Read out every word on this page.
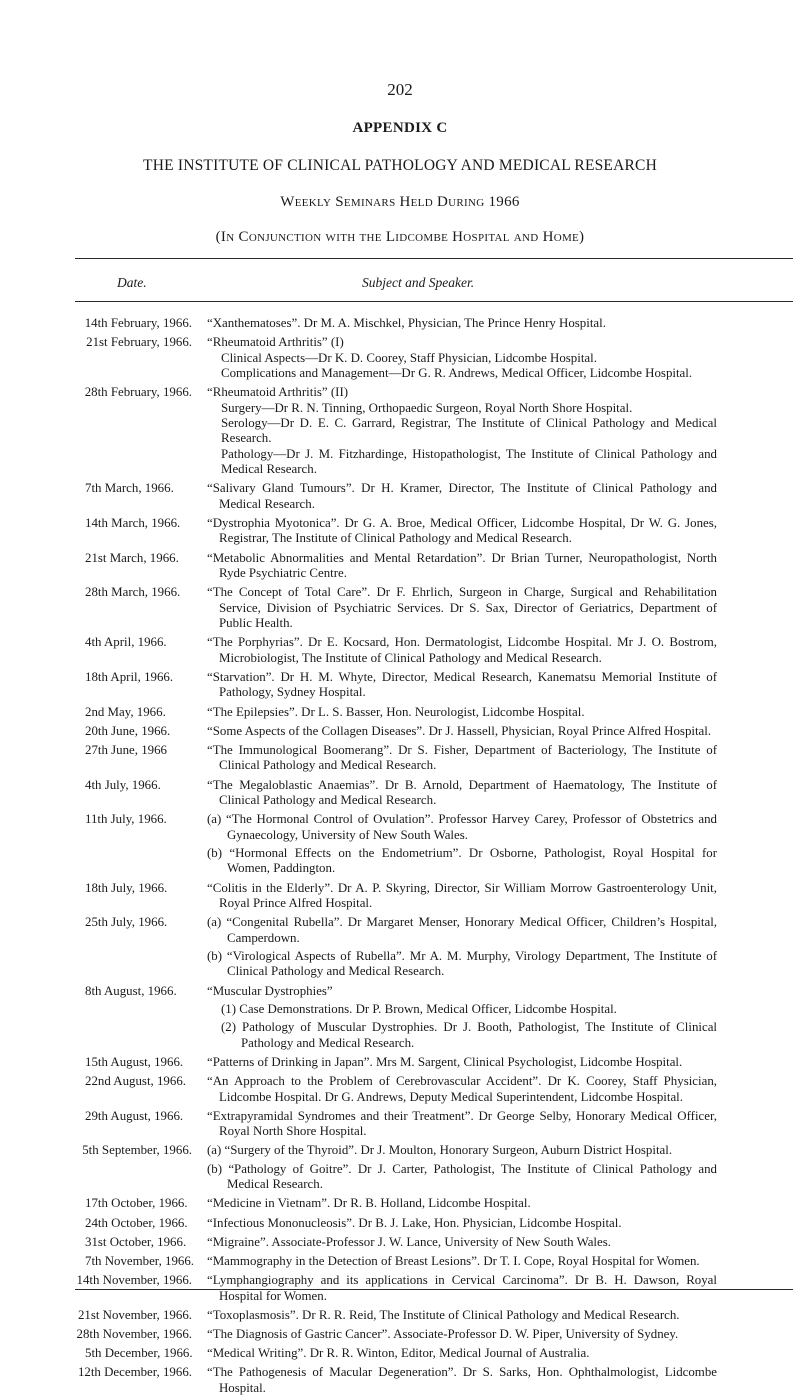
202
APPENDIX C
THE INSTITUTE OF CLINICAL PATHOLOGY AND MEDICAL RESEARCH
Weekly Seminars Held During 1966
(In Conjunction with the Lidcombe Hospital and Home)
Date.	Subject and Speaker.
14th February, 1966.	“Xanthematoses”. Dr M. A. Mischkel, Physician, The Prince Henry Hospital.
21st February, 1966.	“Rheumatoid Arthritis” (I)
Clinical Aspects—Dr K. D. Coorey, Staff Physician, Lidcombe Hospital.
Complications and Management—Dr G. R. Andrews, Medical Officer, Lidcombe Hospital.
28th February, 1966.	“Rheumatoid Arthritis” (II)
Surgery—Dr R. N. Tinning, Orthopaedic Surgeon, Royal North Shore Hospital.
Serology—Dr D. E. C. Garrard, Registrar, The Institute of Clinical Pathology and Medical Research.
Pathology—Dr J. M. Fitzhardinge, Histopathologist, The Institute of Clinical Pathology and Medical Research.
7th March, 1966.	“Salivary Gland Tumours”. Dr H. Kramer, Director, The Institute of Clinical Pathology and Medical Research.
14th March, 1966.	“Dystrophia Myotonica”. Dr G. A. Broe, Medical Officer, Lidcombe Hospital, Dr W. G. Jones, Registrar, The Institute of Clinical Pathology and Medical Research.
21st March, 1966.	“Metabolic Abnormalities and Mental Retardation”. Dr Brian Turner, Neuropathologist, North Ryde Psychiatric Centre.
28th March, 1966.	“The Concept of Total Care”. Dr F. Ehrlich, Surgeon in Charge, Surgical and Rehabilitation Service, Division of Psychiatric Services. Dr S. Sax, Director of Geriatrics, Department of Public Health.
4th April, 1966.	“The Porphyrias”. Dr E. Kocsard, Hon. Dermatologist, Lidcombe Hospital. Mr J. O. Bostrom, Microbiologist, The Institute of Clinical Pathology and Medical Research.
18th April, 1966.	“Starvation”. Dr H. M. Whyte, Director, Medical Research, Kanematsu Memorial Institute of Pathology, Sydney Hospital.
2nd May, 1966.	“The Epilepsies”. Dr L. S. Basser, Hon. Neurologist, Lidcombe Hospital.
20th June, 1966.	“Some Aspects of the Collagen Diseases”. Dr J. Hassell, Physician, Royal Prince Alfred Hospital.
27th June, 1966	“The Immunological Boomerang”. Dr S. Fisher, Department of Bacteriology, The Institute of Clinical Pathology and Medical Research.
4th July, 1966.	“The Megaloblastic Anaemias”. Dr B. Arnold, Department of Haematology, The Institute of Clinical Pathology and Medical Research.
11th July, 1966.	(a) “The Hormonal Control of Ovulation”. Professor Harvey Carey, Professor of Obstetrics and Gynaecology, University of New South Wales.
(b) “Hormonal Effects on the Endometrium”. Dr Osborne, Pathologist, Royal Hospital for Women, Paddington.
18th July, 1966.	“Colitis in the Elderly”. Dr A. P. Skyring, Director, Sir William Morrow Gastroenterology Unit, Royal Prince Alfred Hospital.
25th July, 1966.	(a) “Congenital Rubella”. Dr Margaret Menser, Honorary Medical Officer, Children’s Hospital, Camperdown.
(b) “Virological Aspects of Rubella”. Mr A. M. Murphy, Virology Department, The Institute of Clinical Pathology and Medical Research.
8th August, 1966.	“Muscular Dystrophies”
(1) Case Demonstrations. Dr P. Brown, Medical Officer, Lidcombe Hospital.
(2) Pathology of Muscular Dystrophies. Dr J. Booth, Pathologist, The Institute of Clinical Pathology and Medical Research.
15th August, 1966.	“Patterns of Drinking in Japan”. Mrs M. Sargent, Clinical Psychologist, Lidcombe Hospital.
22nd August, 1966.	“An Approach to the Problem of Cerebrovascular Accident”. Dr K. Coorey, Staff Physician, Lidcombe Hospital. Dr G. Andrews, Deputy Medical Superintendent, Lidcombe Hospital.
29th August, 1966.	“Extrapyramidal Syndromes and their Treatment”. Dr George Selby, Honorary Medical Officer, Royal North Shore Hospital.
5th September, 1966.	(a) “Surgery of the Thyroid”. Dr J. Moulton, Honorary Surgeon, Auburn District Hospital.
(b) “Pathology of Goitre”. Dr J. Carter, Pathologist, The Institute of Clinical Pathology and Medical Research.
17th October, 1966.	“Medicine in Vietnam”. Dr R. B. Holland, Lidcombe Hospital.
24th October, 1966.	“Infectious Mononucleosis”. Dr B. J. Lake, Hon. Physician, Lidcombe Hospital.
31st October, 1966.	“Migraine”. Associate-Professor J. W. Lance, University of New South Wales.
7th November, 1966.	“Mammography in the Detection of Breast Lesions”. Dr T. I. Cope, Royal Hospital for Women.
14th November, 1966.	“Lymphangiography and its applications in Cervical Carcinoma”. Dr B. H. Dawson, Royal Hospital for Women.
21st November, 1966.	“Toxoplasmosis”. Dr R. R. Reid, The Institute of Clinical Pathology and Medical Research.
28th November, 1966.	“The Diagnosis of Gastric Cancer”. Associate-Professor D. W. Piper, University of Sydney.
5th December, 1966.	“Medical Writing”. Dr R. R. Winton, Editor, Medical Journal of Australia.
12th December, 1966.	“The Pathogenesis of Macular Degeneration”. Dr S. Sarks, Hon. Ophthalmologist, Lidcombe Hospital.
